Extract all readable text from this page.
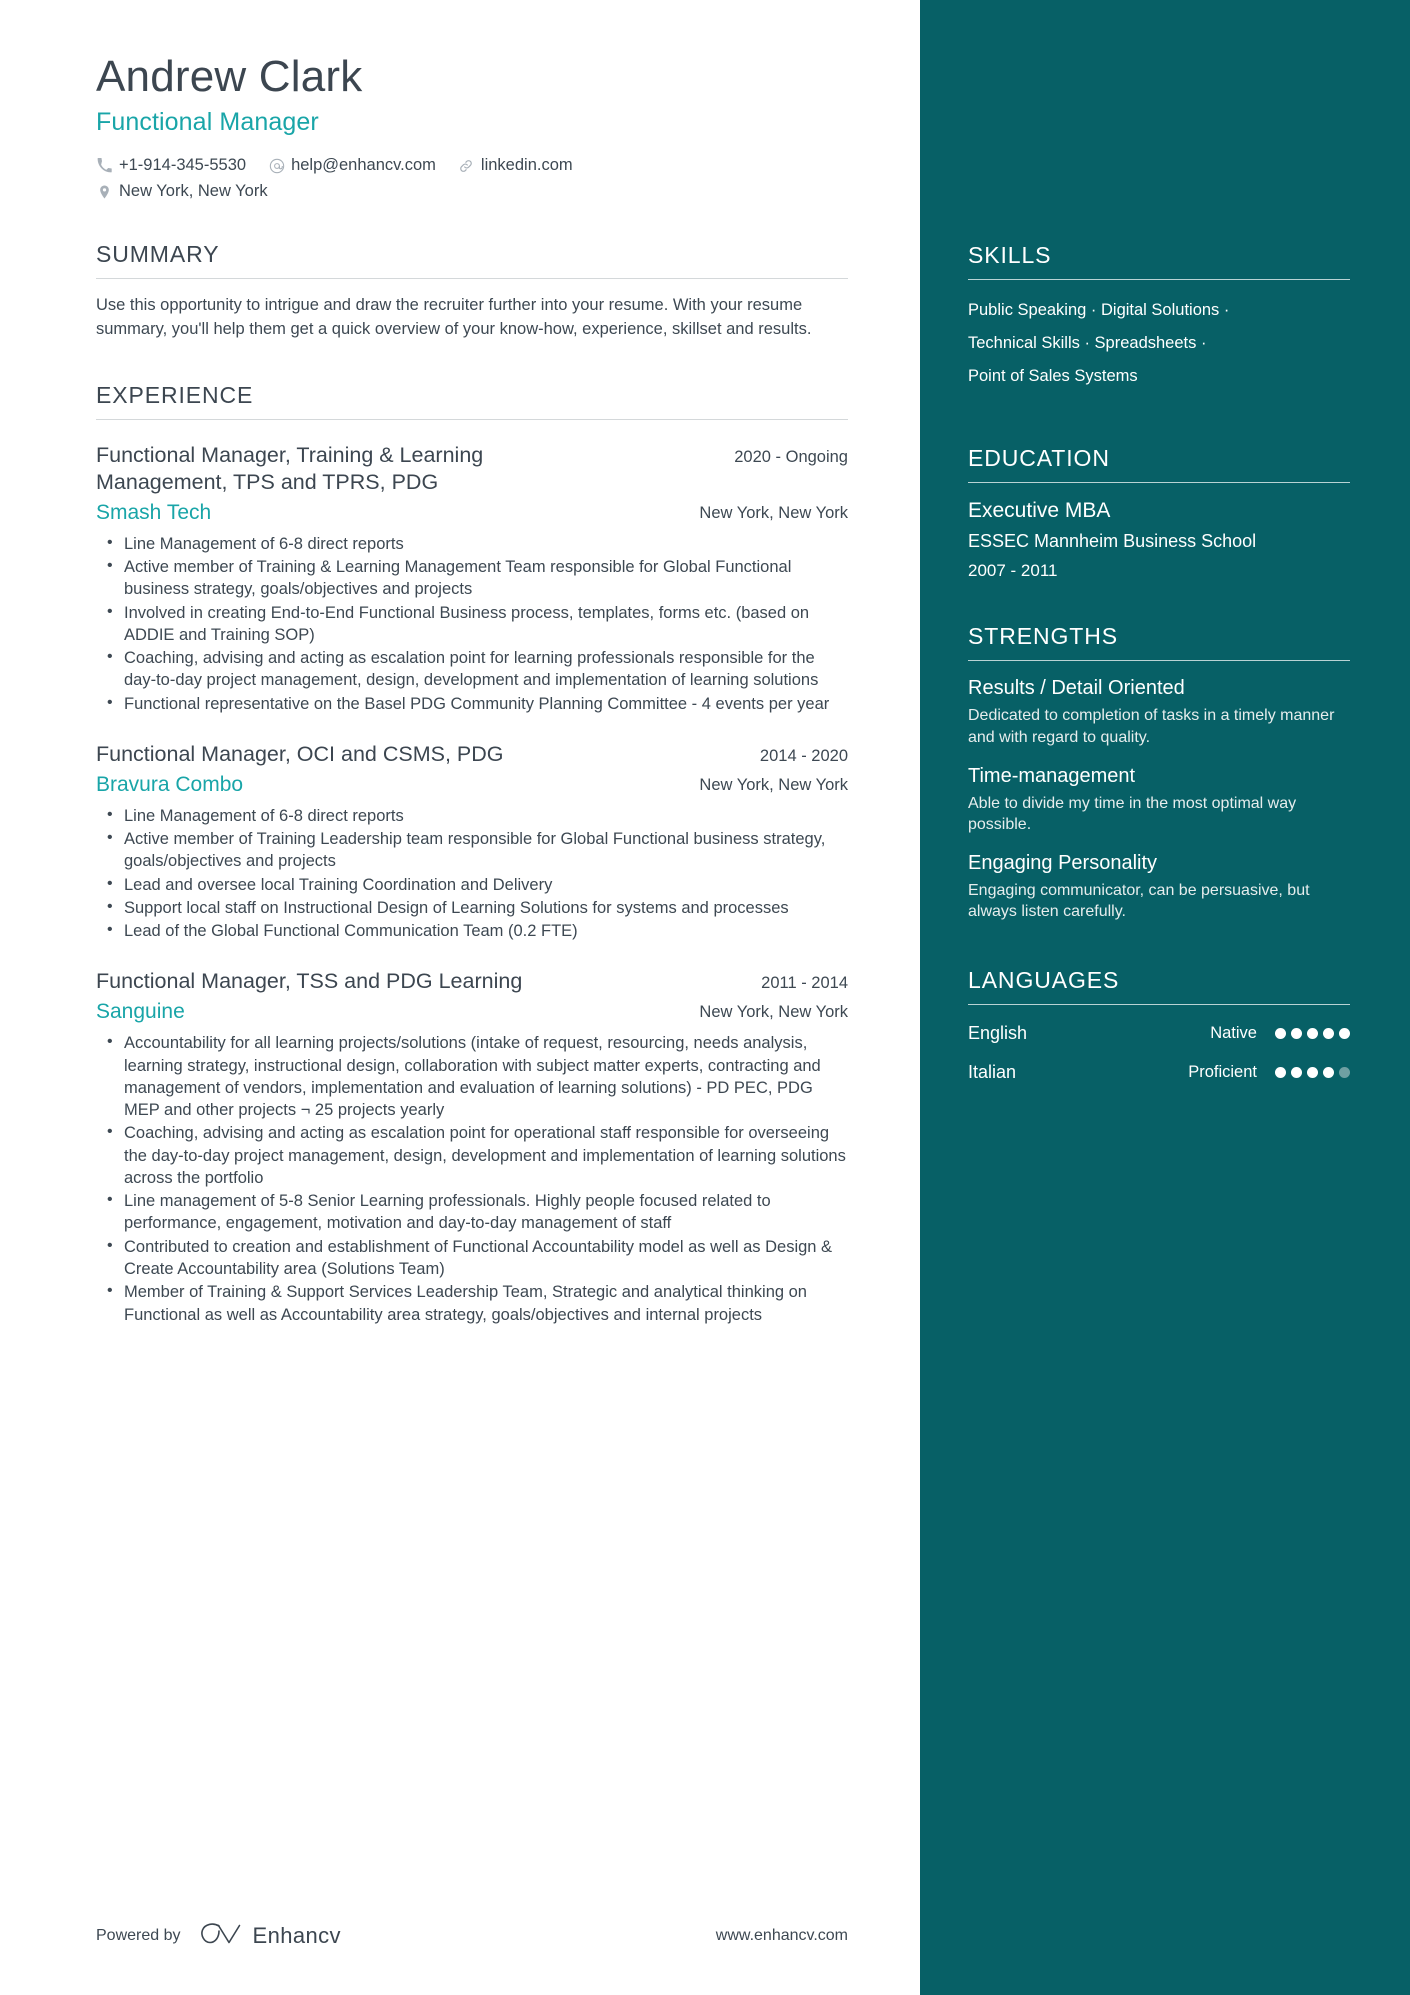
Andrew Clark
Functional Manager
+1-914-345-5530	help@enhancv.com	linkedin.com
New York, New York
SUMMARY
Use this opportunity to intrigue and draw the recruiter further into your resume. With your resume summary, you'll help them get a quick overview of your know-how, experience, skillset and results.
EXPERIENCE
Functional Manager, Training & Learning Management, TPS and TPRS, PDG
2020 - Ongoing
Smash Tech	New York, New York
• Line Management of 6-8 direct reports
• Active member of Training & Learning Management Team responsible for Global Functional business strategy, goals/objectives and projects
• Involved in creating End-to-End Functional Business process, templates, forms etc. (based on ADDIE and Training SOP)
• Coaching, advising and acting as escalation point for learning professionals responsible for the day-to-day project management, design, development and implementation of learning solutions
• Functional representative on the Basel PDG Community Planning Committee - 4 events per year
Functional Manager, OCI and CSMS, PDG	2014 - 2020
Bravura Combo	New York, New York
• Line Management of 6-8 direct reports
• Active member of Training Leadership team responsible for Global Functional business strategy, goals/objectives and projects
• Lead and oversee local Training Coordination and Delivery
• Support local staff on Instructional Design of Learning Solutions for systems and processes
• Lead of the Global Functional Communication Team (0.2 FTE)
Functional Manager, TSS and PDG Learning	2011 - 2014
Sanguine	New York, New York
• Accountability for all learning projects/solutions (intake of request, resourcing, needs analysis, learning strategy, instructional design, collaboration with subject matter experts, contracting and management of vendors, implementation and evaluation of learning solutions) - PD PEC, PDG MEP and other projects ¬ 25 projects yearly
• Coaching, advising and acting as escalation point for operational staff responsible for overseeing the day-to-day project management, design, development and implementation of learning solutions across the portfolio
• Line management of 5-8 Senior Learning professionals. Highly people focused related to performance, engagement, motivation and day-to-day management of staff
• Contributed to creation and establishment of Functional Accountability model as well as Design & Create Accountability area (Solutions Team)
• Member of Training & Support Services Leadership Team, Strategic and analytical thinking on Functional as well as Accountability area strategy, goals/objectives and internal projects
SKILLS
Public Speaking · Digital Solutions ·
Technical Skills · Spreadsheets ·
Point of Sales Systems
EDUCATION
Executive MBA
ESSEC Mannheim Business School
2007 - 2011
STRENGTHS
Results / Detail Oriented
Dedicated to completion of tasks in a timely manner and with regard to quality.
Time-management
Able to divide my time in the most optimal way possible.
Engaging Personality
Engaging communicator, can be persuasive, but always listen carefully.
LANGUAGES
English	Native
Italian	Proficient
Powered by	Enhancv	www.enhancv.com
